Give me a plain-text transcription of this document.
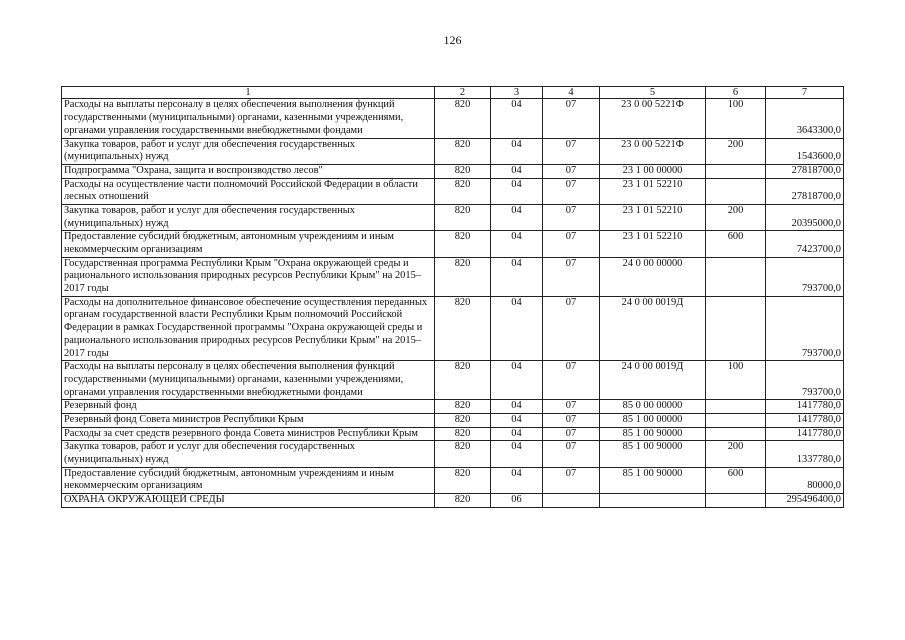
126
1	2	3	4	5	6	7
Расходы на выплаты персоналу в целях обеспечения выполнения функций государственными (муниципальными) органами, казенными учреждениями, органами управления государственными внебюджетными фондами	820	04	07	23 0 00 5221Ф	100	3643300,0
Закупка товаров, работ и услуг для обеспечения государственных (муниципальных) нужд	820	04	07	23 0 00 5221Ф	200	1543600,0
Подпрограмма "Охрана, защита и воспроизводство лесов"	820	04	07	23 1 00 00000		27818700,0
Расходы на осуществление части полномочий Российской Федерации в области лесных отношений	820	04	07	23 1 01 52210		27818700,0
Закупка товаров, работ и услуг для обеспечения государственных (муниципальных) нужд	820	04	07	23 1 01 52210	200	20395000,0
Предоставление субсидий бюджетным, автономным учреждениям и иным некоммерческим организациям	820	04	07	23 1 01 52210	600	7423700,0
Государственная программа Республики Крым "Охрана окружающей среды и рационального использования природных ресурсов Республики Крым" на 2015–2017 годы	820	04	07	24 0 00 00000		793700,0
Расходы на дополнительное финансовое обеспечение осуществления переданных органам государственной власти Республики Крым полномочий Российской Федерации в рамках Государственной программы "Охрана окружающей среды и рационального использования природных ресурсов Республики Крым" на 2015–2017 годы	820	04	07	24 0 00 0019Д		793700,0
Расходы на выплаты персоналу в целях обеспечения выполнения функций государственными (муниципальными) органами, казенными учреждениями, органами управления государственными внебюджетными фондами	820	04	07	24 0 00 0019Д	100	793700,0
Резервный фонд	820	04	07	85 0 00 00000		1417780,0
Резервный фонд Совета министров Республики Крым	820	04	07	85 1 00 00000		1417780,0
Расходы за счет средств резервного фонда Совета министров Республики Крым	820	04	07	85 1 00 90000		1417780,0
Закупка товаров, работ и услуг для обеспечения государственных (муниципальных) нужд	820	04	07	85 1 00 90000	200	1337780,0
Предоставление субсидий бюджетным, автономным учреждениям и иным некоммерческим организациям	820	04	07	85 1 00 90000	600	80000,0
ОХРАНА ОКРУЖАЮЩЕЙ СРЕДЫ	820	06				295496400,0
